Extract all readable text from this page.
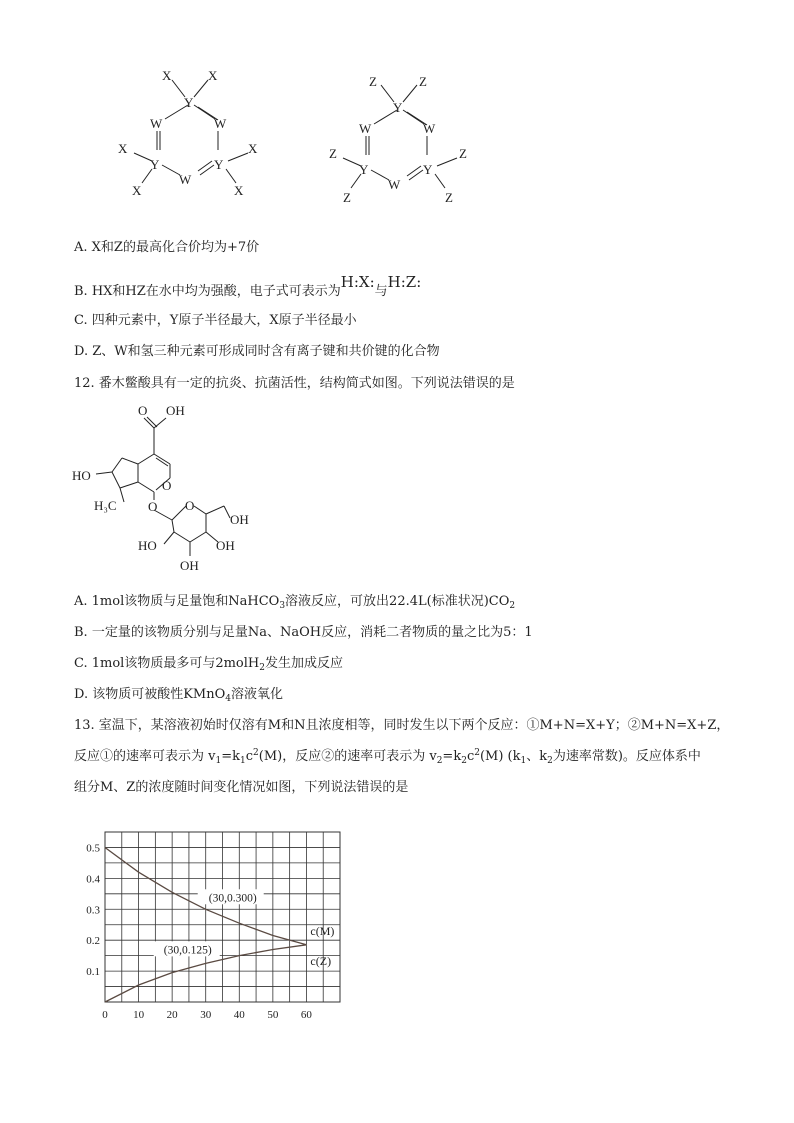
X	X
Y
W	W
X
Y	Y
X
W
X	X
Z	Z
Y
W	W
Z
Y	Y
Z
W
Z	Z
A. X和Z的最高化合价均为+7价
B. HX和HZ在水中均为强酸，电子式可表示为H:X:与H:Z:
C. 四种元素中，Y原子半径最大，X原子半径最小
D. Z、W和氢三种元素可形成同时含有离子键和共价键的化合物
12. 番木鳖酸具有一定的抗炎、抗菌活性，结构简式如图。下列说法错误的是
O OH
O
HO
H₃C O O
OH
HO	OH
OH
A. 1mol该物质与足量饱和NaHCO$_3$溶液反应，可放出22.4L(标准状况)$CO_2$
B. 一定量的该物质分别与足量Na、NaOH反应，消耗二者物质的量之比为5：1
C. 1mol该物质最多可与2molH$_2$发生加成反应
D. 该物质可被酸性KMnO$_4$溶液氧化
13. 室温下，某溶液初始时仅溶有M和N且浓度相等，同时发生以下两个反应：①M+N=X+Y；②M+N=X+Z，
反应①的速率可表示为 $v_1=k_1c^2(M)$，反应②的速率可表示为 $v_2=k_2c^2(M)$ ($k_1$、$k_2$为速率常数)。反应体系中
组分M、Z的浓度随时间变化情况如图，下列说法错误的是
0 10 20 30 40 50 60
0.1
0.2
0.3
0.4
0.5
c(M)
c(Z)
(30,0.300)
(30,0.125)
